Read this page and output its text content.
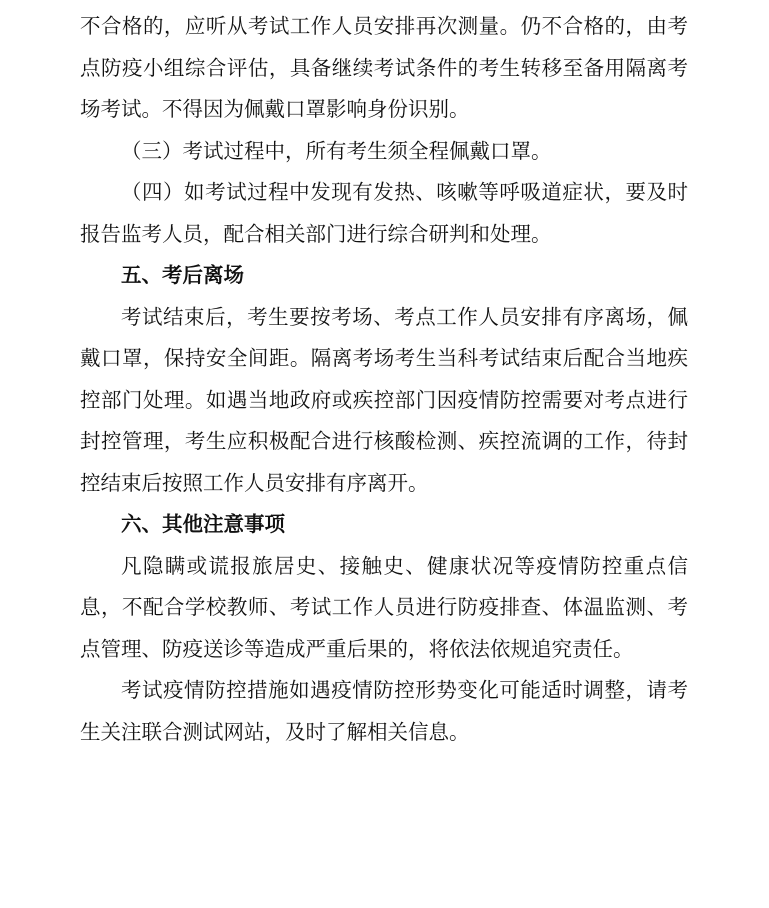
不合格的，应听从考试工作人员安排再次测量。仍不合格的，由考点防疫小组综合评估，具备继续考试条件的考生转移至备用隔离考场考试。不得因为佩戴口罩影响身份识别。

（三）考试过程中，所有考生须全程佩戴口罩。

（四）如考试过程中发现有发热、咳嗽等呼吸道症状，要及时报告监考人员，配合相关部门进行综合研判和处理。

五、考后离场

考试结束后，考生要按考场、考点工作人员安排有序离场，佩戴口罩，保持安全间距。隔离考场考生当科考试结束后配合当地疾控部门处理。如遇当地政府或疾控部门因疫情防控需要对考点进行封控管理，考生应积极配合进行核酸检测、疾控流调的工作，待封控结束后按照工作人员安排有序离开。

六、其他注意事项

凡隐瞒或谎报旅居史、接触史、健康状况等疫情防控重点信息，不配合学校教师、考试工作人员进行防疫排查、体温监测、考点管理、防疫送诊等造成严重后果的，将依法依规追究责任。

考试疫情防控措施如遇疫情防控形势变化可能适时调整，请考生关注联合测试网站，及时了解相关信息。
